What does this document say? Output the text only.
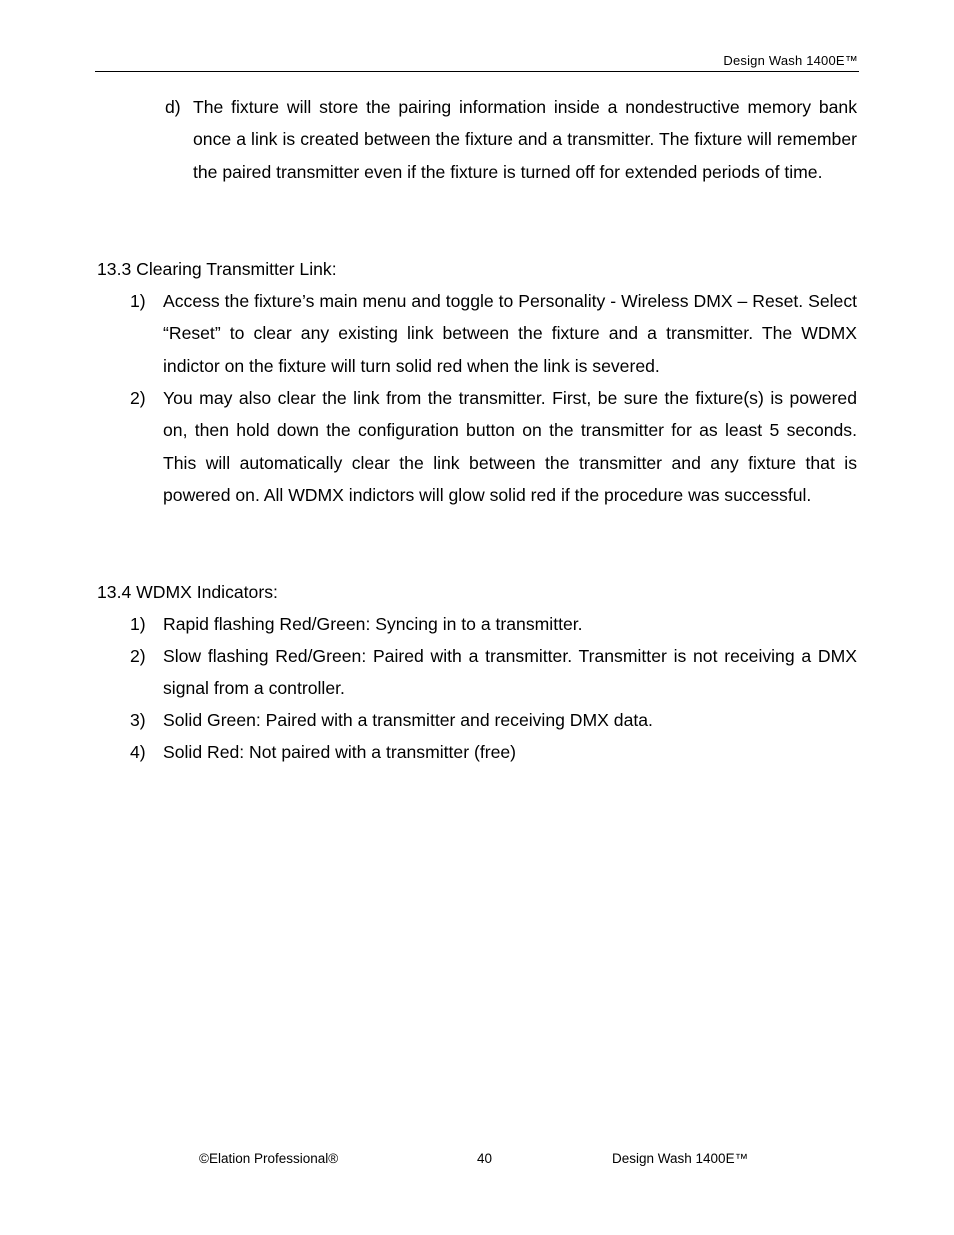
Design Wash 1400E™
d) The fixture will store the pairing information inside a nondestructive memory bank once a link is created between the fixture and a transmitter. The fixture will remember the paired transmitter even if the fixture is turned off for extended periods of time.
13.3 Clearing Transmitter Link:
1) Access the fixture’s main menu and toggle to Personality - Wireless DMX – Reset. Select “Reset” to clear any existing link between the fixture and a transmitter. The WDMX indictor on the fixture will turn solid red when the link is severed.
2) You may also clear the link from the transmitter. First, be sure the fixture(s) is powered on, then hold down the configuration button on the transmitter for as least 5 seconds. This will automatically clear the link between the transmitter and any fixture that is powered on. All WDMX indictors will glow solid red if the procedure was successful.
13.4 WDMX Indicators:
1) Rapid flashing Red/Green: Syncing in to a transmitter.
2) Slow flashing Red/Green: Paired with a transmitter. Transmitter is not receiving a DMX signal from a controller.
3) Solid Green: Paired with a transmitter and receiving DMX data.
4) Solid Red: Not paired with a transmitter (free)
©Elation Professional®	40	Design Wash 1400E™
